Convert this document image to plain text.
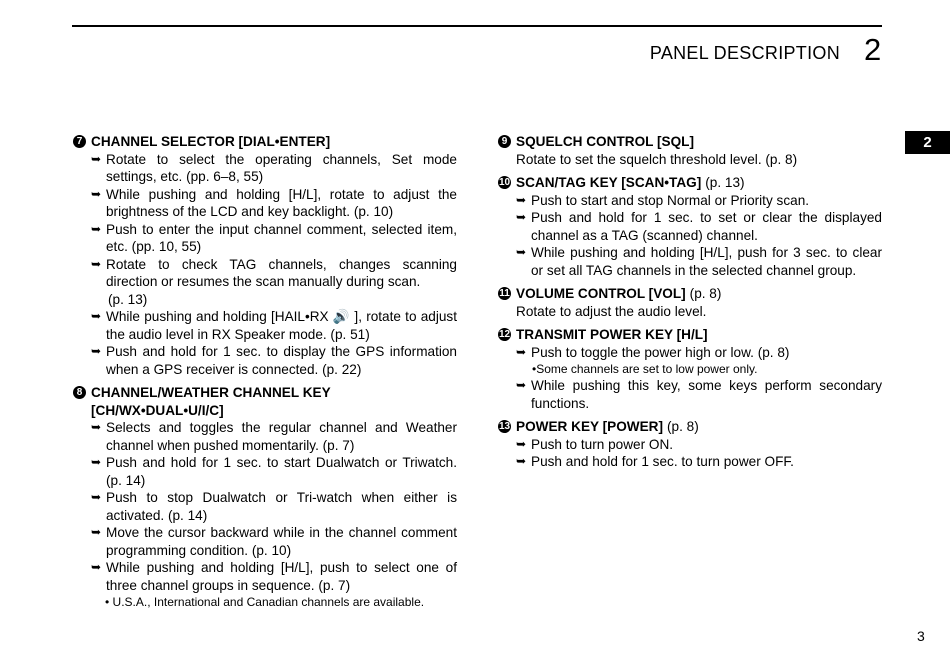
PANEL DESCRIPTION 2
2
7 CHANNEL SELECTOR [DIAL•ENTER]
➥ Rotate to select the operating channels, Set mode settings, etc. (pp. 6–8, 55)
➥ While pushing and holding [H/L], rotate to adjust the brightness of the LCD and key backlight. (p. 10)
➥ Push to enter the input channel comment, selected item, etc. (pp. 10, 55)
➥ Rotate to check TAG channels, changes scanning direction or resumes the scan manually during scan.
(p. 13)
➥ While pushing and holding [HAIL•RX 🔊 ], rotate to adjust the audio level in RX Speaker mode. (p. 51)
➥ Push and hold for 1 sec. to display the GPS information when a GPS receiver is connected. (p. 22)
8 CHANNEL/WEATHER CHANNEL KEY [CH/WX•DUAL•U/I/C]
➥ Selects and toggles the regular channel and Weather channel when pushed momentarily. (p. 7)
➥ Push and hold for 1 sec. to start Dualwatch or Triwatch. (p. 14)
➥ Push to stop Dualwatch or Tri-watch when either is activated. (p. 14)
➥ Move the cursor backward while in the channel comment programming condition. (p. 10)
➥ While pushing and holding [H/L], push to select one of three channel groups in sequence. (p. 7)
• U.S.A., International and Canadian channels are available.
9 SQUELCH CONTROL [SQL]
Rotate to set the squelch threshold level. (p. 8)
10 SCAN/TAG KEY [SCAN•TAG] (p. 13)
➥ Push to start and stop Normal or Priority scan.
➥ Push and hold for 1 sec. to set or clear the displayed channel as a TAG (scanned) channel.
➥ While pushing and holding [H/L], push for 3 sec. to clear or set all TAG channels in the selected channel group.
11 VOLUME CONTROL [VOL] (p. 8)
Rotate to adjust the audio level.
12 TRANSMIT POWER KEY [H/L]
➥ Push to toggle the power high or low. (p. 8)
•Some channels are set to low power only.
➥ While pushing this key, some keys perform secondary functions.
13 POWER KEY [POWER] (p. 8)
➥ Push to turn power ON.
➥ Push and hold for 1 sec. to turn power OFF.
3
